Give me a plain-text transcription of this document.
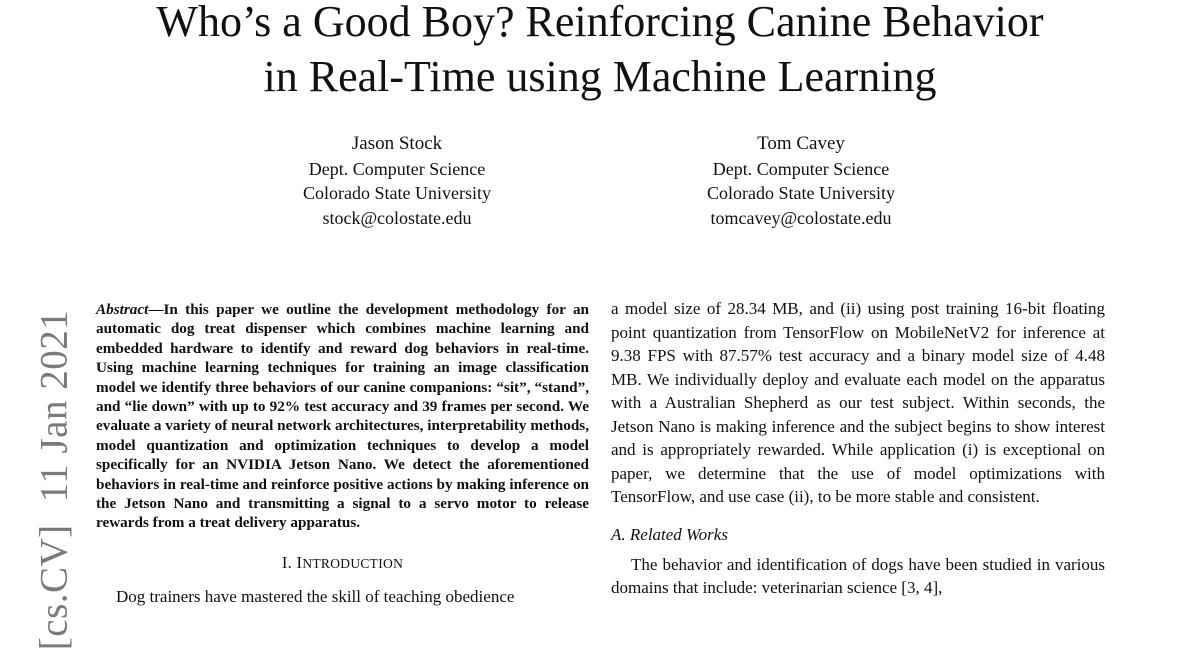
Who’s a Good Boy? Reinforcing Canine Behavior
in Real-Time using Machine Learning
Jason Stock
Dept. Computer Science
Colorado State University
stock@colostate.edu
Tom Cavey
Dept. Computer Science
Colorado State University
tomcavey@colostate.edu
[cs.CV]11 Jan 2021

Abstract—In this paper we outline the development methodology for an automatic dog treat dispenser which combines machine learning and embedded hardware to identify and reward dog behaviors in real-time. Using machine learning techniques for training an image classification model we identify three behaviors of our canine companions: “sit”, “stand”, and “lie down” with up to 92% test accuracy and 39 frames per second. We evaluate a variety of neural network architectures, interpretability methods, model quantization and optimization techniques to develop a model specifically for an NVIDIA Jetson Nano. We detect the aforementioned behaviors in real-time and reinforce positive actions by making inference on the Jetson Nano and transmitting a signal to a servo motor to release rewards from a treat delivery apparatus.

I. INTRODUCTION

Dog trainers have mastered the skill of teaching obedience

a model size of 28.34 MB, and (ii) using post training 16-bit floating point quantization from TensorFlow on MobileNetV2 for inference at 9.38 FPS with 87.57% test accuracy and a binary model size of 4.48 MB. We individually deploy and evaluate each model on the apparatus with a Australian Shepherd as our test subject. Within seconds, the Jetson Nano is making inference and the subject begins to show interest and is appropriately rewarded. While application (i) is exceptional on paper, we determine that the use of model optimizations with TensorFlow, and use case (ii), to be more stable and consistent.

A. Related Works

The behavior and identification of dogs have been studied in various domains that include: veterinarian science [3, 4],
